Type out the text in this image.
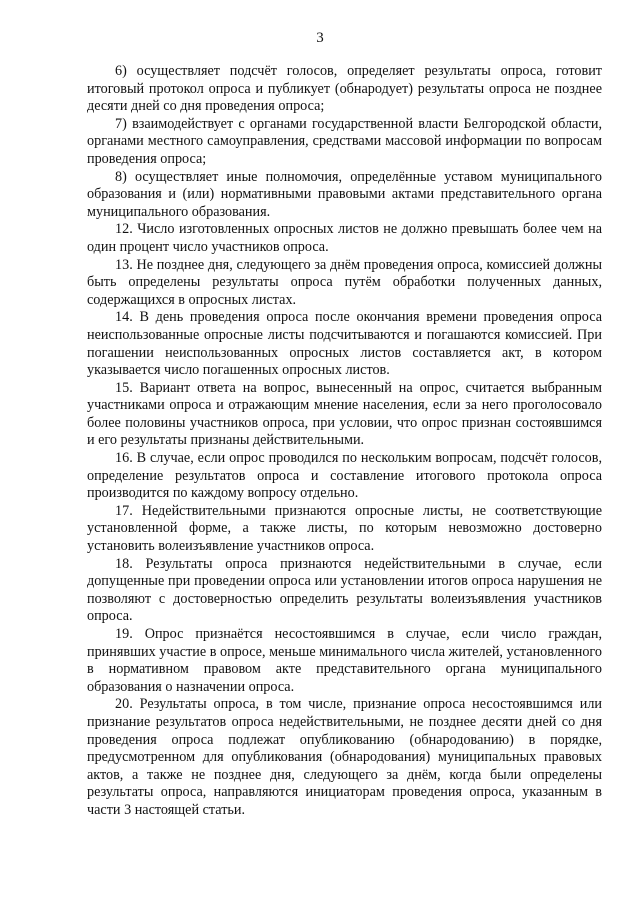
3

6) осуществляет подсчёт голосов, определяет результаты опроса, готовит итоговый протокол опроса и публикует (обнародует) результаты опроса не позднее десяти дней со дня проведения опроса;

7) взаимодействует с органами государственной власти Белгородской области, органами местного самоуправления, средствами массовой информации по вопросам проведения опроса;

8) осуществляет иные полномочия, определённые уставом муниципального образования и (или) нормативными правовыми актами представительного органа муниципального образования.

12. Число изготовленных опросных листов не должно превышать более чем на один процент число участников опроса.

13. Не позднее дня, следующего за днём проведения опроса, комиссией должны быть определены результаты опроса путём обработки полученных данных, содержащихся в опросных листах.

14. В день проведения опроса после окончания времени проведения опроса неиспользованные опросные листы подсчитываются и погашаются комиссией. При погашении неиспользованных опросных листов составляется акт, в котором указывается число погашенных опросных листов.

15. Вариант ответа на вопрос, вынесенный на опрос, считается выбранным участниками опроса и отражающим мнение населения, если за него проголосовало более половины участников опроса, при условии, что опрос признан состоявшимся и его результаты признаны действительными.

16. В случае, если опрос проводился по нескольким вопросам, подсчёт голосов, определение результатов опроса и составление итогового протокола опроса производится по каждому вопросу отдельно.

17. Недействительными признаются опросные листы, не соответствующие установленной форме, а также листы, по которым невозможно достоверно установить волеизъявление участников опроса.

18. Результаты опроса признаются недействительными в случае, если допущенные при проведении опроса или установлении итогов опроса нарушения не позволяют с достоверностью определить результаты волеизъявления участников опроса.

19. Опрос признаётся несостоявшимся в случае, если число граждан, принявших участие в опросе, меньше минимального числа жителей, установленного в нормативном правовом акте представительного органа муниципального образования о назначении опроса.

20. Результаты опроса, в том числе, признание опроса несостоявшимся или признание результатов опроса недействительными, не позднее десяти дней со дня проведения опроса подлежат опубликованию (обнародованию) в порядке, предусмотренном для опубликования (обнародования) муниципальных правовых актов, а также не позднее дня, следующего за днём, когда были определены результаты опроса, направляются инициаторам проведения опроса, указанным в части 3 настоящей статьи.
